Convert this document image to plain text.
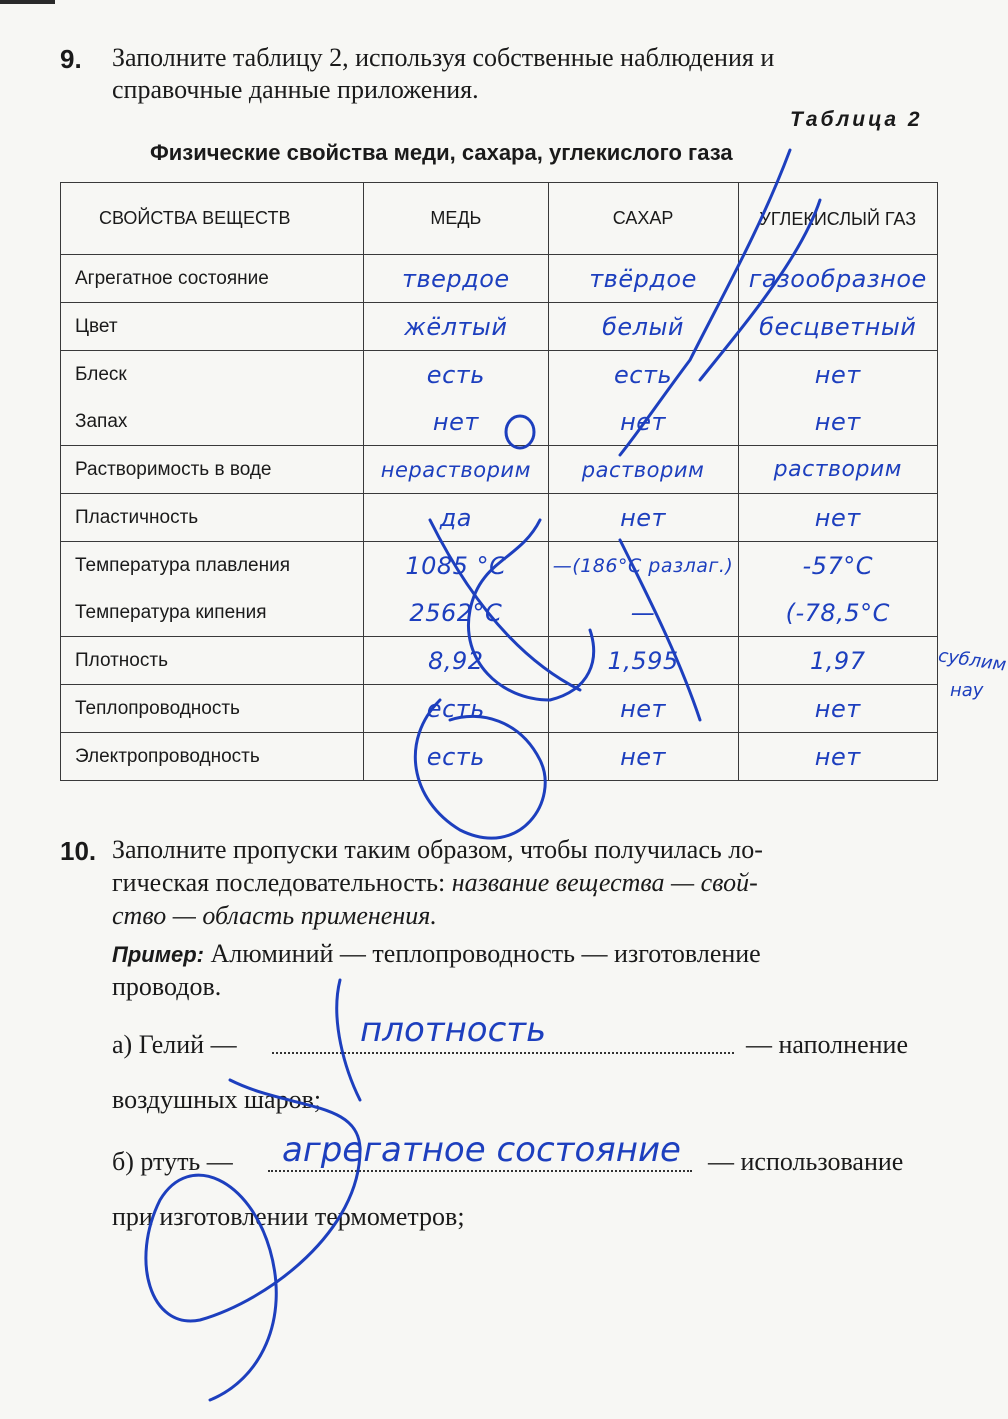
9. Заполните таблицу 2, используя собственные наблюдения и
справочные данные приложения.
Таблица 2
Физические свойства меди, сахара, углекислого газа
СВОЙСТВА ВЕЩЕСТВ	МЕДЬ	САХАР	УГЛЕКИСЛЫЙ ГАЗ
Агрегатное состояние	твердое	твёрдое	газообразное
Цвет	жёлтый	белый	бесцветный
Блеск	есть	есть	нет
Запах	нет	нет	нет
Растворимость в воде	нерастворим	растворим	растворим
Пластичность	да	нет	нет
Температура плавления	1085 °C	—(186°C разлаг.)	-57°C
Температура кипения	2562°C	—	(-78,5°C
Плотность	8,92	1,595	1,97
Теплопроводность	есть	нет	нет
Электропроводность	есть	нет	нет
сублим
нау
10. Заполните пропуски таким образом, чтобы получилась ло-
гическая последовательность: название вещества — свой-
ство — область применения.
Пример: Алюминий — теплопроводность — изготовление
проводов.
а) Гелий —	плотность	— наполнение
воздушных шаров;
б) ртуть — агрегатное состояние — использование
при изготовлении термометров;
